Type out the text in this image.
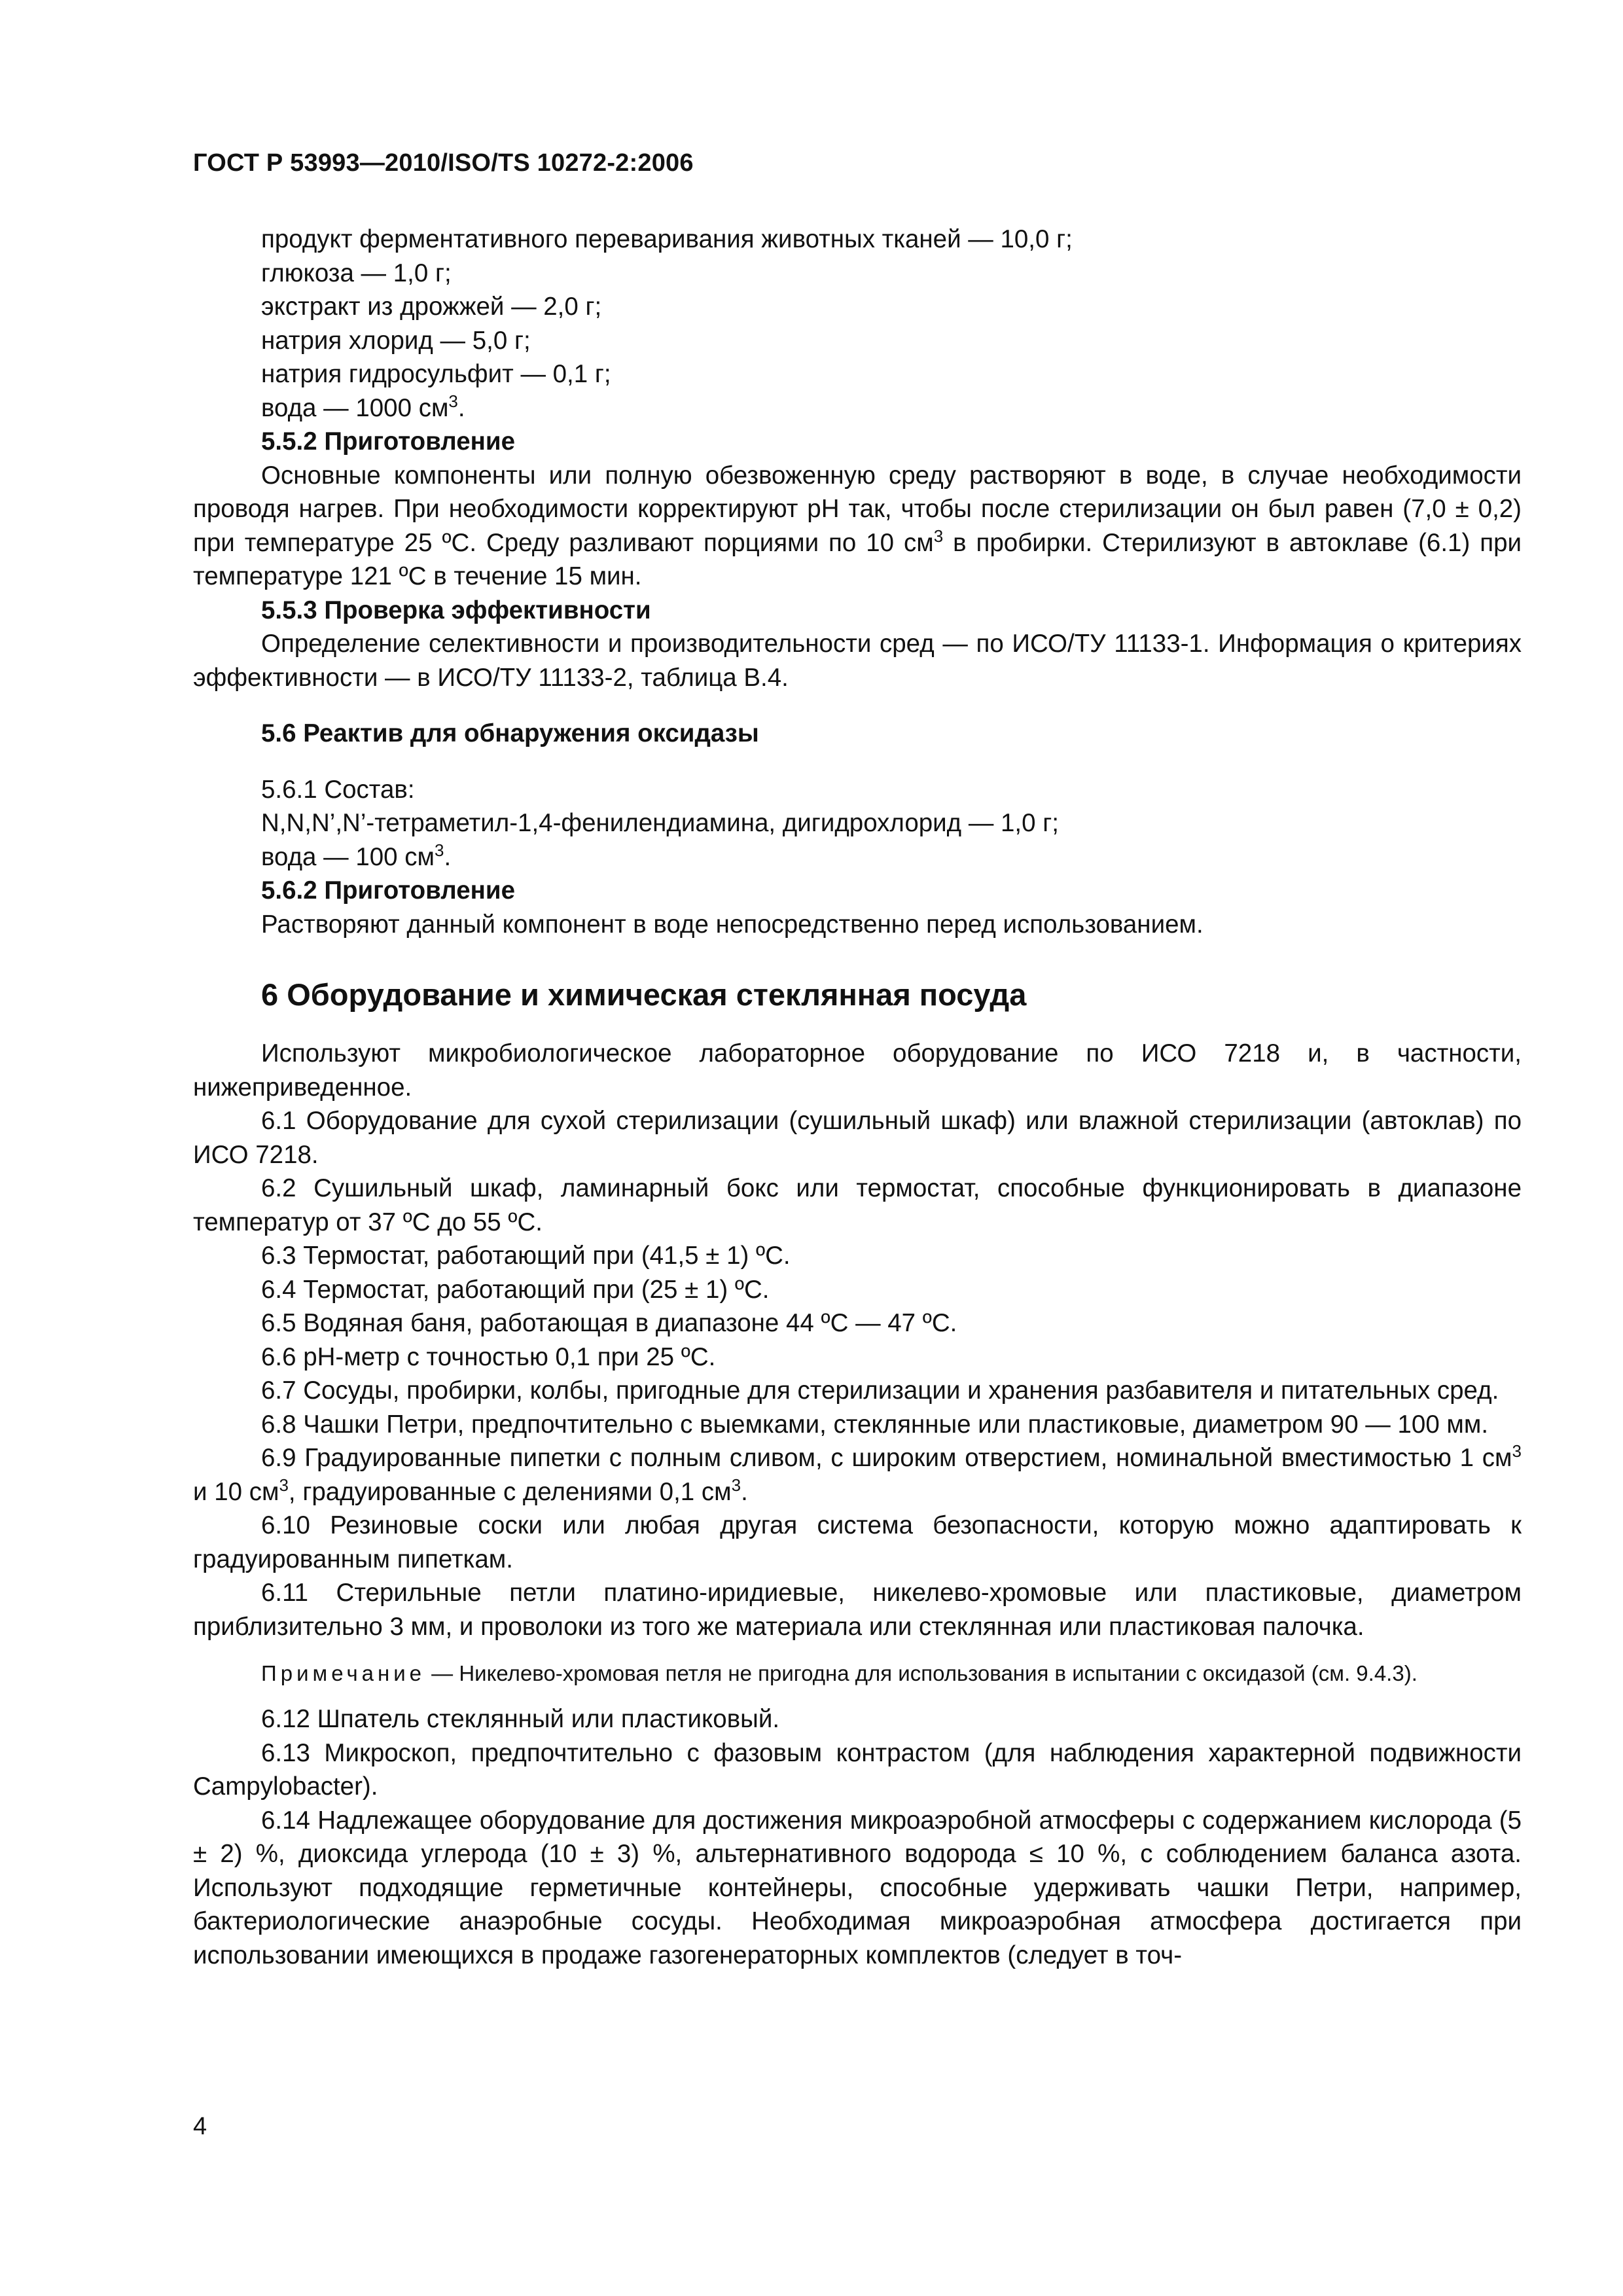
ГОСТ Р 53993—2010/ISO/TS 10272-2:2006

продукт ферментативного переваривания животных тканей — 10,0 г;

глюкоза — 1,0 г;

экстракт из дрожжей — 2,0 г;

натрия хлорид — 5,0 г;

натрия гидросульфит — 0,1 г;

вода — 1000 $см^3$.

5.5.2 Приготовление

Основные компоненты или полную обезвоженную среду растворяют в воде, в случае необходимости проводя нагрев. При необходимости корректируют рН так, чтобы после стерилизации он был равен (7,0 ± 0,2) при температуре 25 ºС. Среду разливают порциями по 10 $см^3$ в пробирки. Стерилизуют в автоклаве (6.1) при температуре 121 ºС в течение 15 мин.

5.5.3 Проверка эффективности

Определение селективности и производительности сред — по ИСО/ТУ 11133-1. Информация о критериях эффективности — в ИСО/ТУ 11133-2, таблица В.4.

5.6 Реактив для обнаружения оксидазы

5.6.1 Состав:

N,N,N’,N’-тетраметил-1,4-фенилендиамина, дигидрохлорид — 1,0 г;

вода — 100 $см^3$.

5.6.2 Приготовление

Растворяют данный компонент в воде непосредственно перед использованием.

6 Оборудование и химическая стеклянная посуда

Используют микробиологическое лабораторное оборудование по ИСО 7218 и, в частности, нижеприведенное.

6.1 Оборудование для сухой стерилизации (сушильный шкаф) или влажной стерилизации (автоклав) по ИСО 7218.

6.2 Сушильный шкаф, ламинарный бокс или термостат, способные функционировать в диапазоне температур от 37 ºС до 55 ºС.

6.3 Термостат, работающий при (41,5 ± 1) ºС.

6.4 Термостат, работающий при (25 ± 1) ºС.

6.5 Водяная баня, работающая в диапазоне 44 ºС — 47 ºС.

6.6 рН-метр с точностью 0,1 при 25 ºС.

6.7 Сосуды, пробирки, колбы, пригодные для стерилизации и хранения разбавителя и питательных сред.

6.8 Чашки Петри, предпочтительно с выемками, стеклянные или пластиковые, диаметром 90 — 100 мм.

6.9 Градуированные пипетки с полным сливом, с широким отверстием, номинальной вместимостью 1 $см^3$ и 10 $см^3$, градуированные с делениями 0,1 $см^3$.

6.10 Резиновые соски или любая другая система безопасности, которую можно адаптировать к градуированным пипеткам.

6.11 Стерильные петли платино-иридиевые, никелево-хромовые или пластиковые, диаметром приблизительно 3 мм, и проволоки из того же материала или стеклянная или пластиковая палочка.

Примечание — Никелево-хромовая петля не пригодна для использования в испытании с оксидазой (см. 9.4.3).

6.12 Шпатель стеклянный или пластиковый.

6.13 Микроскоп, предпочтительно с фазовым контрастом (для наблюдения характерной подвижности Campylobacter).

6.14 Надлежащее оборудование для достижения микроаэробной атмосферы с содержанием кислорода (5 ± 2) %, диоксида углерода (10 ± 3) %, альтернативного водорода ≤ 10 %, с соблюдением баланса азота. Используют подходящие герметичные контейнеры, способные удерживать чашки Петри, например, бактериологические анаэробные сосуды. Необходимая микроаэробная атмосфера достигается при использовании имеющихся в продаже газогенераторных комплектов (следует в точ-

4
